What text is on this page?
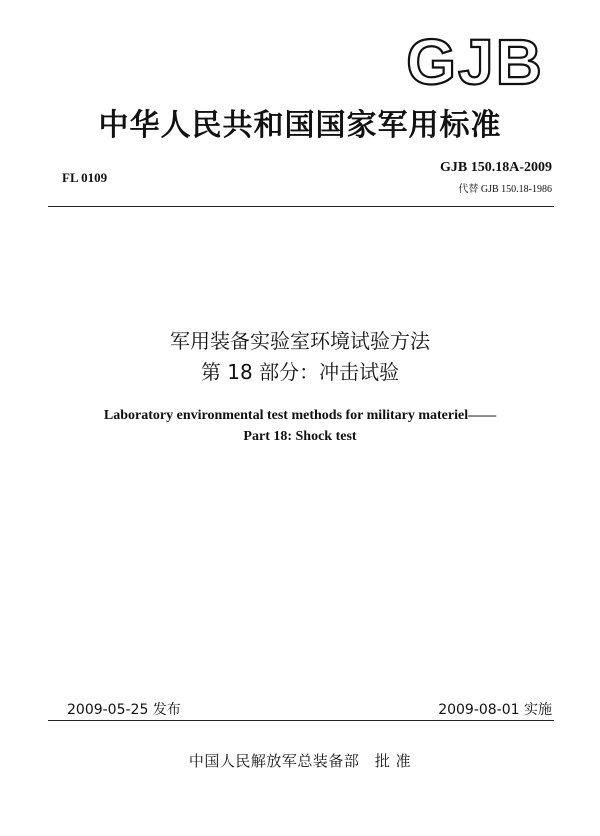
GJB
中华人民共和国国家军用标准
FL 0109
GJB 150.18A-2009
代替 GJB 150.18-1986
军用装备实验室环境试验方法
第 18 部分：冲击试验
Laboratory environmental test methods for military materiel——
Part 18: Shock test
2009-05-25 发布	2009-08-01 实施
中国人民解放军总装备部　批 准
